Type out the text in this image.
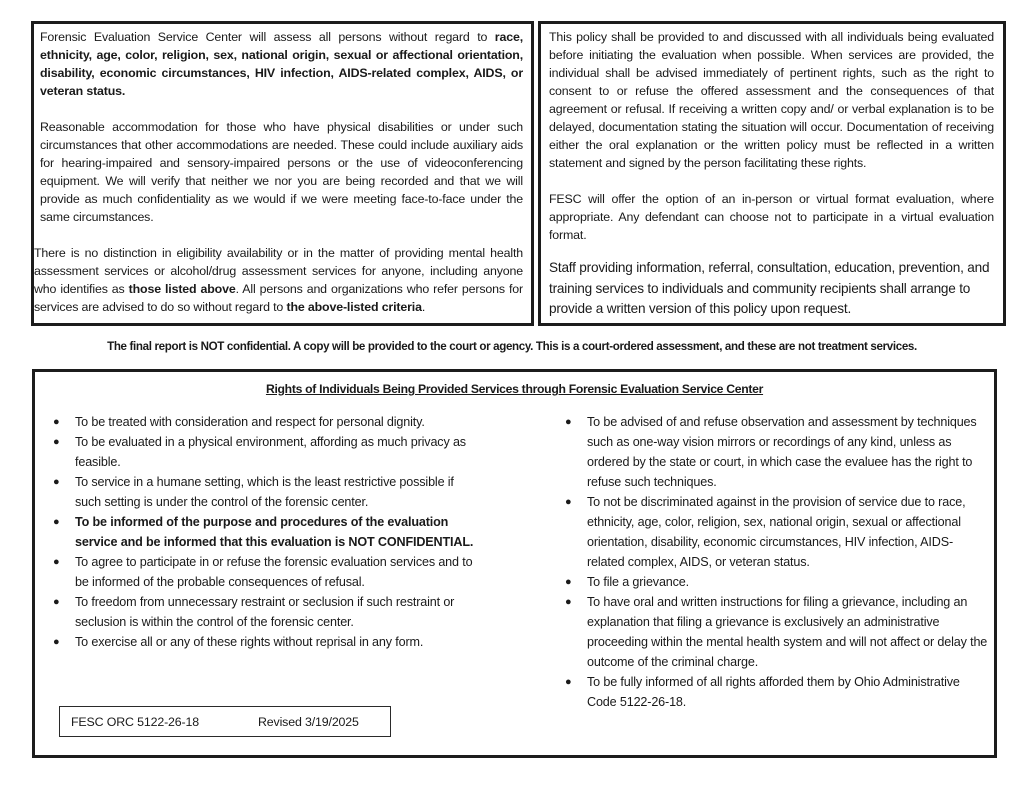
Forensic Evaluation Service Center will assess all persons without regard to race, ethnicity, age, color, religion, sex, national origin, sexual or affectional orientation, disability, economic circumstances, HIV infection, AIDS-related complex, AIDS, or veteran status.

Reasonable accommodation for those who have physical disabilities or under such circumstances that other accommodations are needed. These could include auxiliary aids for hearing-impaired and sensory-impaired persons or the use of videoconferencing equipment. We will verify that neither we nor you are being recorded and that we will provide as much confidentiality as we would if we were meeting face-to-face under the same circumstances.

There is no distinction in eligibility availability or in the matter of providing mental health assessment services or alcohol/drug assessment services for anyone, including anyone who identifies as those listed above. All persons and organizations who refer persons for services are advised to do so without regard to the above-listed criteria.

This policy shall be provided to and discussed with all individuals being evaluated before initiating the evaluation when possible. When services are provided, the individual shall be advised immediately of pertinent rights, such as the right to consent to or refuse the offered assessment and the consequences of that agreement or refusal. If receiving a written copy and/ or verbal explanation is to be delayed, documentation stating the situation will occur. Documentation of receiving either the oral explanation or the written policy must be reflected in a written statement and signed by the person facilitating these rights.

FESC will offer the option of an in-person or virtual format evaluation, where appropriate. Any defendant can choose not to participate in a virtual evaluation format.

Staff providing information, referral, consultation, education, prevention, and training services to individuals and community recipients shall arrange to provide a written version of this policy upon request.

The final report is NOT confidential. A copy will be provided to the court or agency. This is a court-ordered assessment, and these are not treatment services.
Rights of Individuals Being Provided Services through Forensic Evaluation Service Center
● To be treated with consideration and respect for personal dignity.
● To be evaluated in a physical environment, affording as much privacy as feasible.
● To service in a humane setting, which is the least restrictive possible if such setting is under the control of the forensic center.
● To be informed of the purpose and procedures of the evaluation service and be informed that this evaluation is NOT CONFIDENTIAL.
● To agree to participate in or refuse the forensic evaluation services and to be informed of the probable consequences of refusal.
● To freedom from unnecessary restraint or seclusion if such restraint or seclusion is within the control of the forensic center.
● To exercise all or any of these rights without reprisal in any form.
● To be advised of and refuse observation and assessment by techniques such as one-way vision mirrors or recordings of any kind, unless as ordered by the state or court, in which case the evaluee has the right to refuse such techniques.
● To not be discriminated against in the provision of service due to race, ethnicity, age, color, religion, sex, national origin, sexual or affectional orientation, disability, economic circumstances, HIV infection, AIDS-related complex, AIDS, or veteran status.
● To file a grievance.
● To have oral and written instructions for filing a grievance, including an explanation that filing a grievance is exclusively an administrative proceeding within the mental health system and will not affect or delay the outcome of the criminal charge.
● To be fully informed of all rights afforded them by Ohio Administrative Code 5122-26-18.
FESC ORC 5122-26-18	Revised 3/19/2025
